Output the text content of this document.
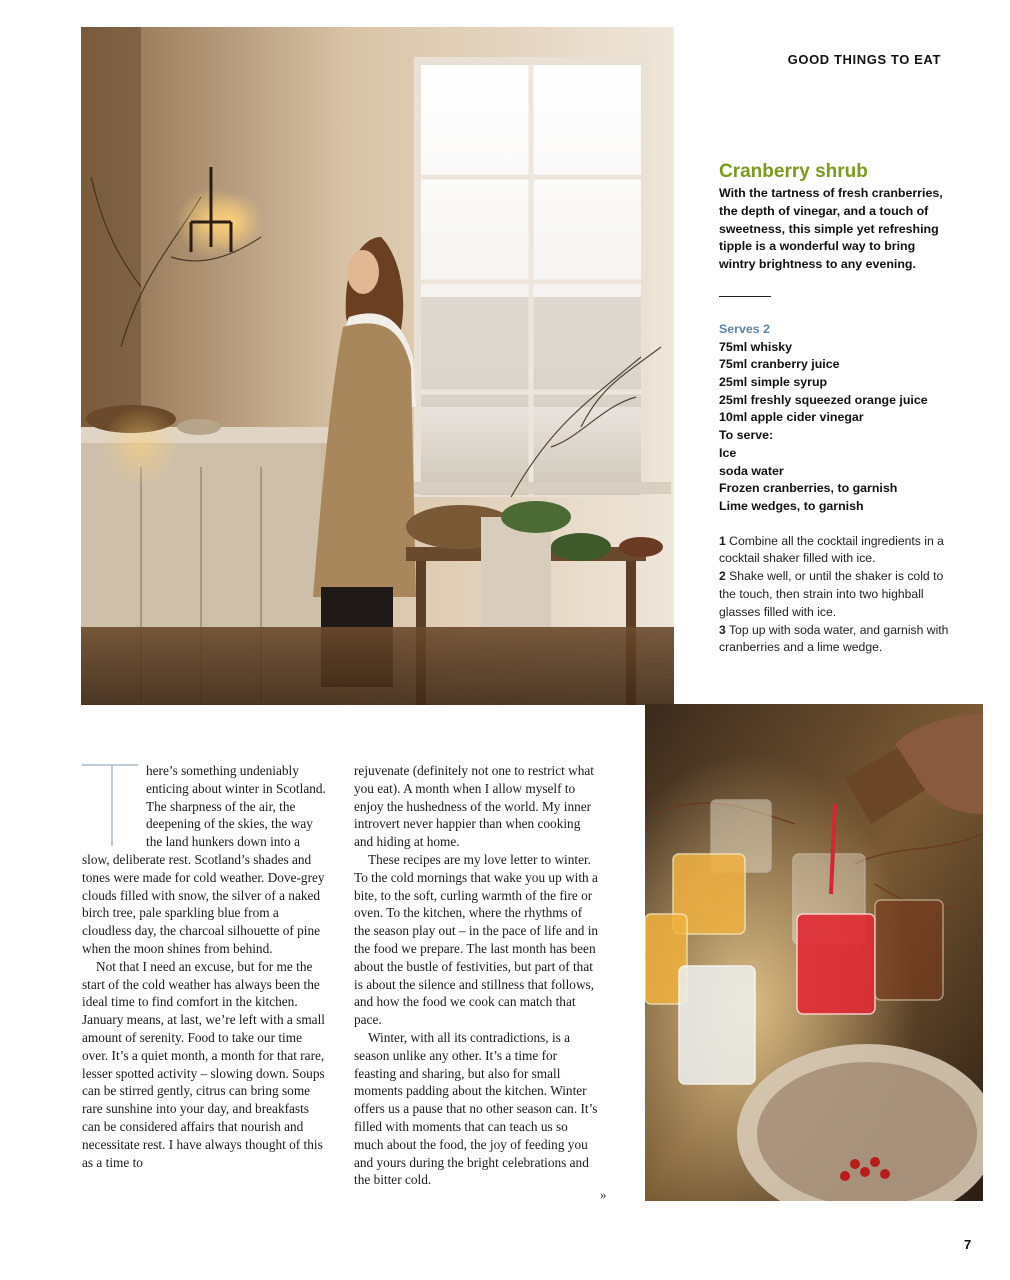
GOOD THINGS TO EAT
Cranberry shrub

With the tartness of fresh cranberries, the depth of vinegar, and a touch of sweetness, this simple yet refreshing tipple is a wonderful way to bring wintry brightness to any evening.

Serves 2
75ml whisky
75ml cranberry juice
25ml simple syrup
25ml freshly squeezed orange juice
10ml apple cider vinegar
To serve:
Ice
soda water
Frozen cranberries, to garnish
Lime wedges, to garnish
1 Combine all the cocktail ingredients in a cocktail shaker filled with ice.
2 Shake well, or until the shaker is cold to the touch, then strain into two highball glasses filled with ice.
3 Top up with soda water, and garnish with cranberries and a lime wedge.

here’s something undeniably enticing about winter in Scotland. The sharpness of the air, the deepening of the skies, the way the land hunkers down into a slow, deliberate rest. Scotland’s shades and tones were made for cold weather. Dove-grey clouds filled with snow, the silver of a naked birch tree, pale sparkling blue from a cloudless day, the charcoal silhouette of pine when the moon shines from behind.

Not that I need an excuse, but for me the start of the cold weather has always been the ideal time to find comfort in the kitchen. January means, at last, we’re left with a small amount of serenity. Food to take our time over. It’s a quiet month, a month for that rare, lesser spotted activity – slowing down. Soups can be stirred gently, citrus can bring some rare sunshine into your day, and breakfasts can be considered affairs that nourish and necessitate rest. I have always thought of this as a time to

rejuvenate (definitely not one to restrict what you eat). A month when I allow myself to enjoy the hushedness of the world. My inner introvert never happier than when cooking and hiding at home.

These recipes are my love letter to winter. To the cold mornings that wake you up with a bite, to the soft, curling warmth of the fire or oven. To the kitchen, where the rhythms of the season play out – in the pace of life and in the food we prepare. The last month has been about the bustle of festivities, but part of that is about the silence and stillness that follows, and how the food we cook can match that pace.

Winter, with all its contradictions, is a season unlike any other. It’s a time for feasting and sharing, but also for small moments padding about the kitchen. Winter offers us a pause that no other season can. It’s filled with moments that can teach us so much about the food, the joy of feeding you and yours during the bright celebrations and the bitter cold.

»
7
